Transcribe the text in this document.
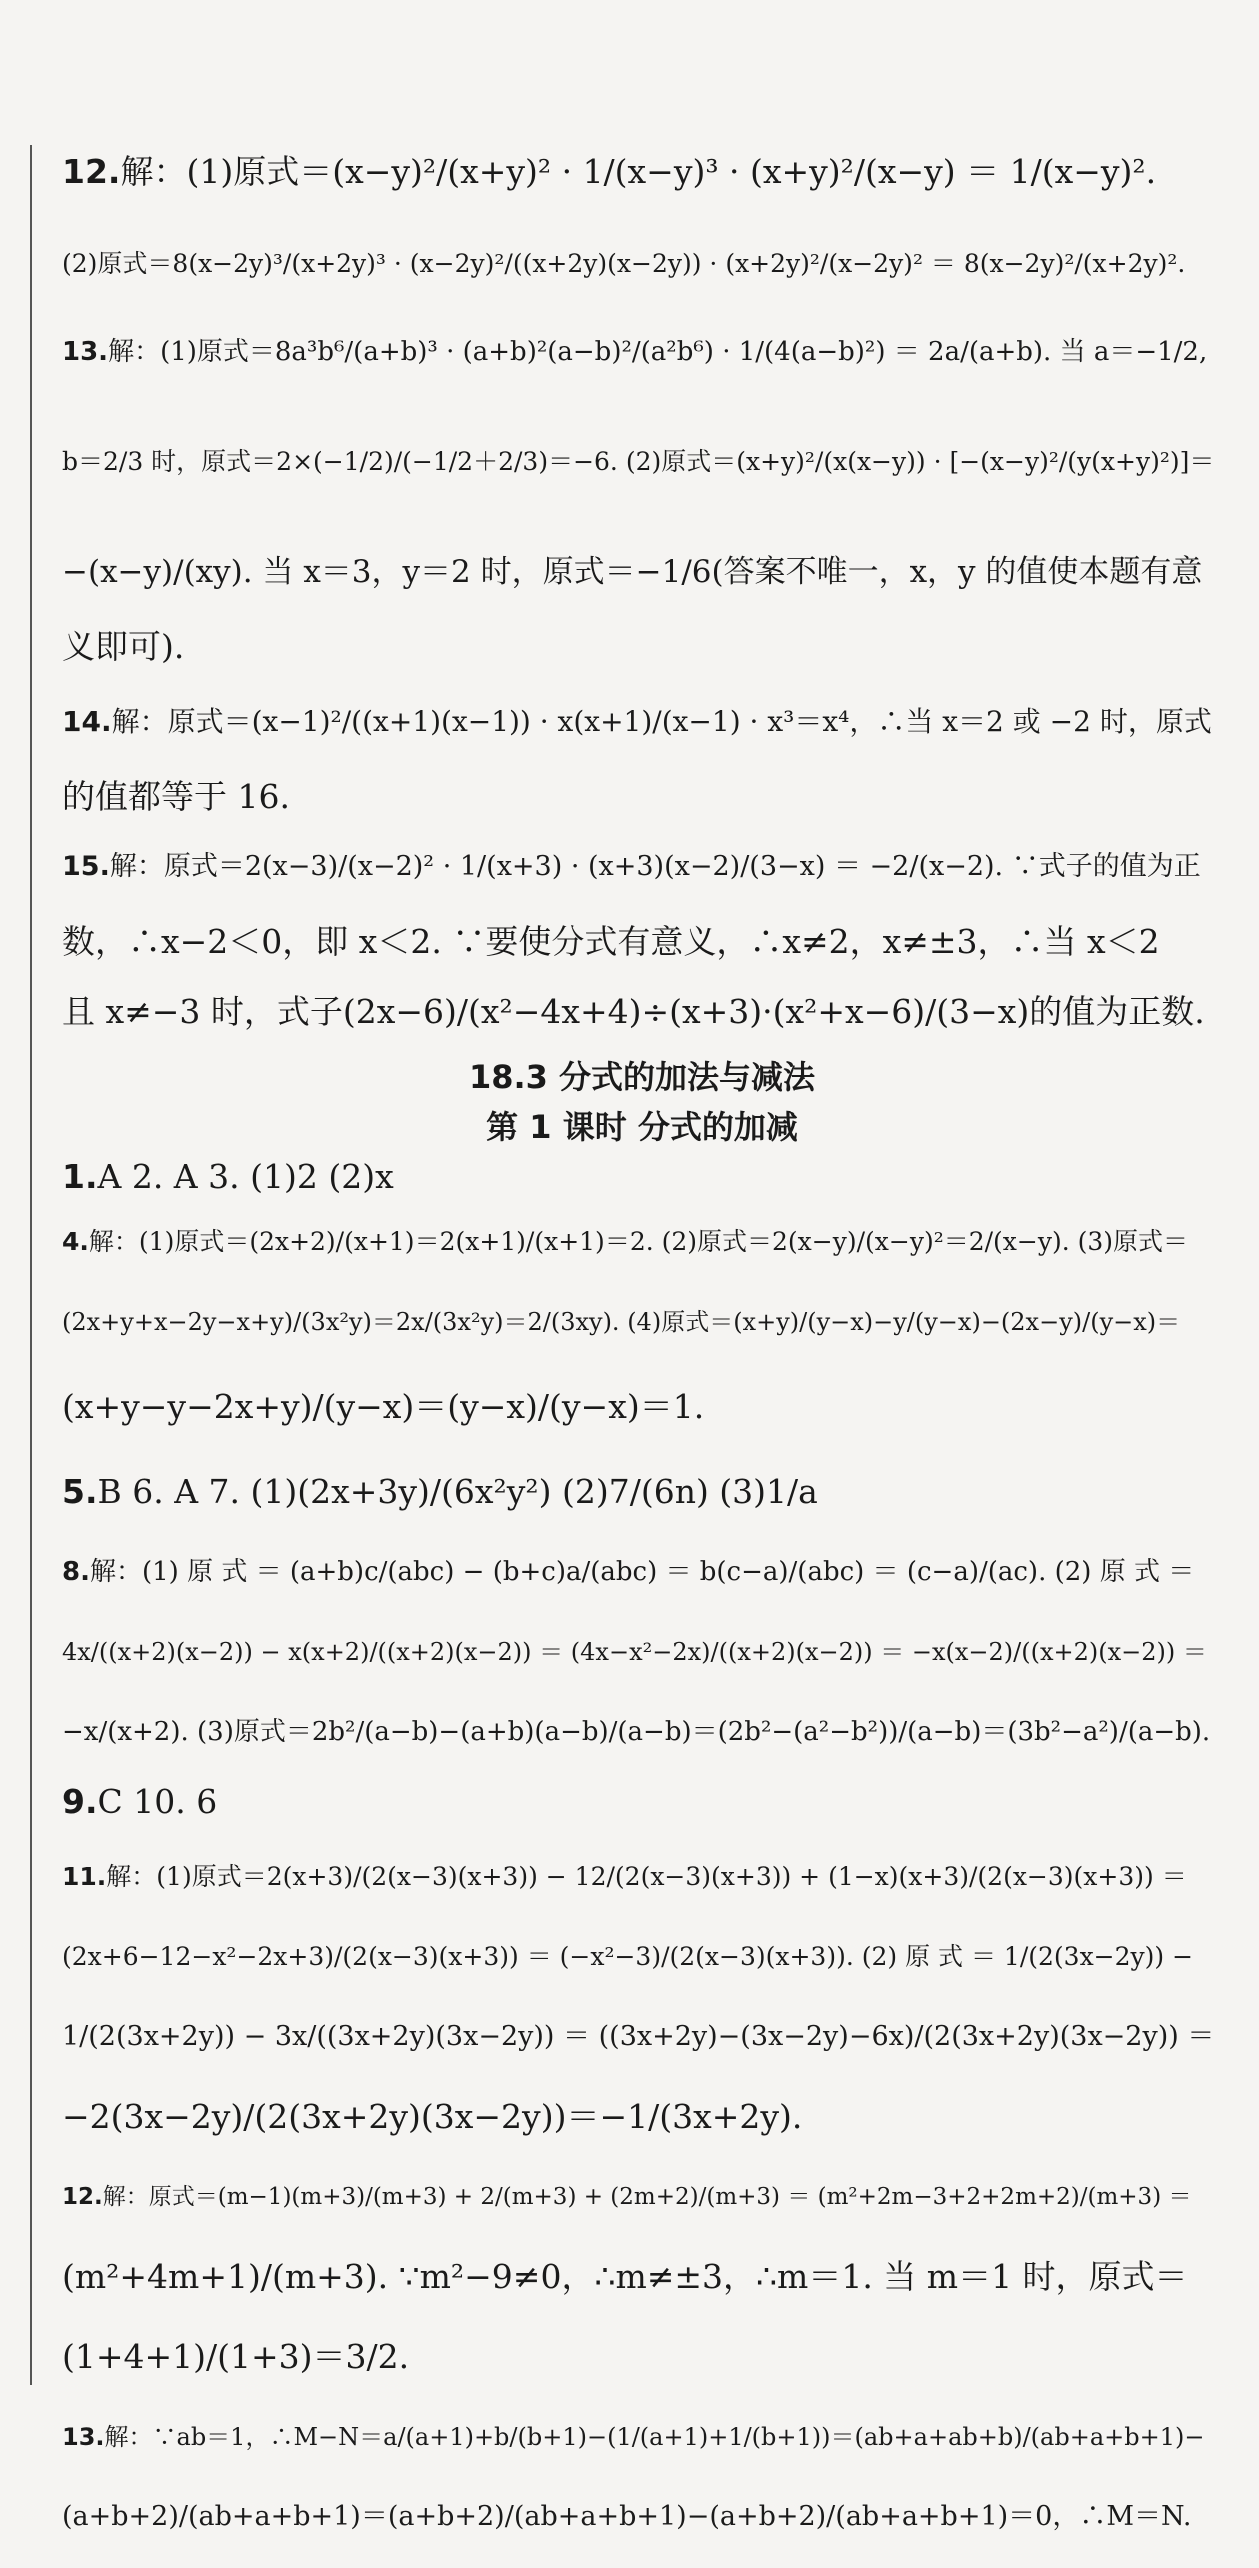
12.解：(1)原式＝(x−y)²/(x+y)² · 1/(x−y)³ · (x+y)²/(x−y) ＝ 1/(x−y)².
(2)原式＝8(x−2y)³/(x+2y)³ · (x−2y)²/((x+2y)(x−2y)) · (x+2y)²/(x−2y)² ＝ 8(x−2y)²/(x+2y)².
13.解：(1)原式＝8a³b⁶/(a+b)³ · (a+b)²(a−b)²/(a²b⁶) · 1/(4(a−b)²) ＝ 2a/(a+b). 当 a＝−1/2,
b＝2/3 时，原式＝2×(−1/2)/(−1/2＋2/3)＝−6. (2)原式＝(x+y)²/(x(x−y)) · [−(x−y)²/(y(x+y)²)]＝
−(x−y)/(xy). 当 x＝3，y＝2 时，原式＝−1/6(答案不唯一，x，y 的值使本题有意
义即可).
14.解：原式＝(x−1)²/((x+1)(x−1)) · x(x+1)/(x−1) · x³＝x⁴，∴当 x＝2 或 −2 时，原式
的值都等于 16.
15.解：原式＝2(x−3)/(x−2)² · 1/(x+3) · (x+3)(x−2)/(3−x) ＝ −2/(x−2). ∵式子的值为正
数，∴x−2＜0，即 x＜2. ∵要使分式有意义，∴x≠2，x≠±3，∴当 x＜2
且 x≠−3 时，式子(2x−6)/(x²−4x+4)÷(x+3)·(x²+x−6)/(3−x)的值为正数.
18.3 分式的加法与减法
第 1 课时 分式的加减
1.A 2. A 3. (1)2 (2)x
4.解：(1)原式＝(2x+2)/(x+1)＝2(x+1)/(x+1)＝2. (2)原式＝2(x−y)/(x−y)²＝2/(x−y). (3)原式＝
(2x+y+x−2y−x+y)/(3x²y)＝2x/(3x²y)＝2/(3xy). (4)原式＝(x+y)/(y−x)−y/(y−x)−(2x−y)/(y−x)＝
(x+y−y−2x+y)/(y−x)＝(y−x)/(y−x)＝1.
5.B 6. A 7. (1)(2x+3y)/(6x²y²) (2)7/(6n) (3)1/a
8.解：(1) 原 式 ＝ (a+b)c/(abc) − (b+c)a/(abc) ＝ b(c−a)/(abc) ＝ (c−a)/(ac). (2) 原 式 ＝
4x/((x+2)(x−2)) − x(x+2)/((x+2)(x−2)) ＝ (4x−x²−2x)/((x+2)(x−2)) ＝ −x(x−2)/((x+2)(x−2)) ＝
−x/(x+2). (3)原式＝2b²/(a−b)−(a+b)(a−b)/(a−b)＝(2b²−(a²−b²))/(a−b)＝(3b²−a²)/(a−b).
9.C 10. 6
11.解：(1)原式＝2(x+3)/(2(x−3)(x+3)) − 12/(2(x−3)(x+3)) + (1−x)(x+3)/(2(x−3)(x+3)) ＝
(2x+6−12−x²−2x+3)/(2(x−3)(x+3)) ＝ (−x²−3)/(2(x−3)(x+3)). (2) 原 式 ＝ 1/(2(3x−2y)) −
1/(2(3x+2y)) − 3x/((3x+2y)(3x−2y)) ＝ ((3x+2y)−(3x−2y)−6x)/(2(3x+2y)(3x−2y)) ＝
−2(3x−2y)/(2(3x+2y)(3x−2y))＝−1/(3x+2y).
12.解：原式＝(m−1)(m+3)/(m+3) + 2/(m+3) + (2m+2)/(m+3) ＝ (m²+2m−3+2+2m+2)/(m+3) ＝
(m²+4m+1)/(m+3). ∵m²−9≠0，∴m≠±3，∴m＝1. 当 m＝1 时，原式＝
(1+4+1)/(1+3)＝3/2.
13.解：∵ab＝1，∴M−N＝a/(a+1)+b/(b+1)−(1/(a+1)+1/(b+1))＝(ab+a+ab+b)/(ab+a+b+1)−
(a+b+2)/(ab+a+b+1)＝(a+b+2)/(ab+a+b+1)−(a+b+2)/(ab+a+b+1)＝0，∴M＝N.
